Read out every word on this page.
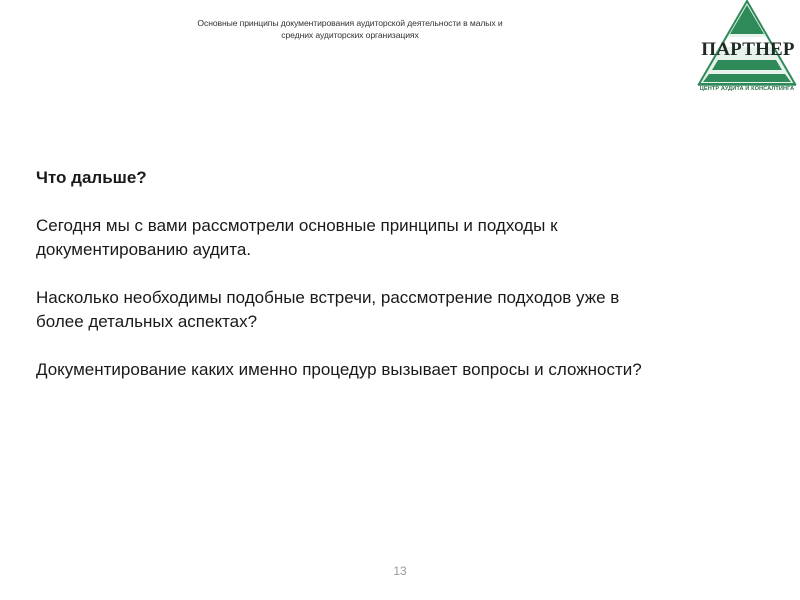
Основные принципы документирования аудиторской деятельности в малых и
средних аудиторских организациях
ПАРТНЕР
ЦЕНТР АУДИТА И КОНСАЛТИНГА

Что дальше?

Сегодня мы с вами рассмотрели основные принципы и подходы к документированию аудита.

Насколько необходимы подобные встречи, рассмотрение подходов уже в более детальных аспектах?

Документирование каких именно процедур вызывает вопросы и сложности?

13
